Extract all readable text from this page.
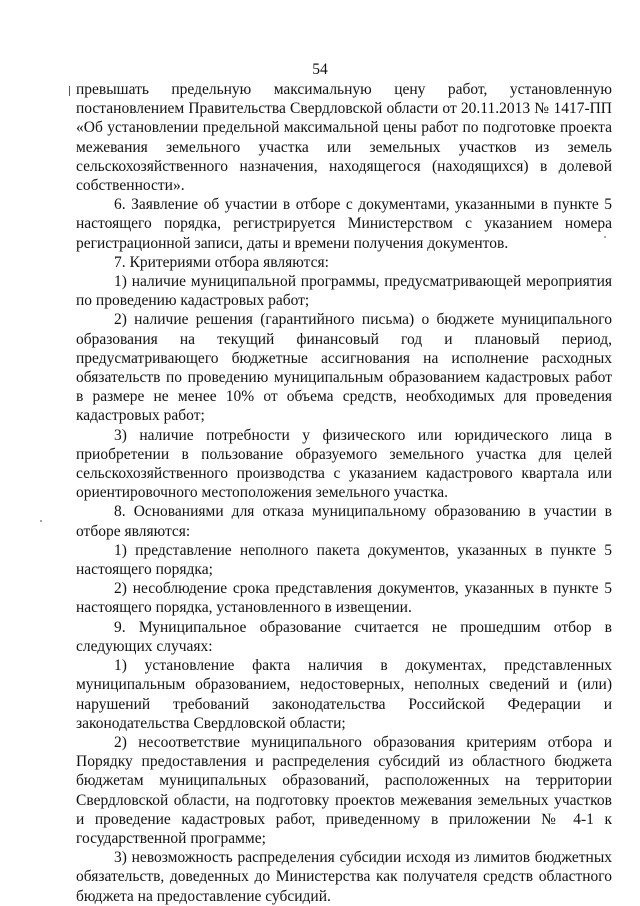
54

превышать предельную максимальную цену работ, установленную постановлением Правительства Свердловской области от 20.11.2013 № 1417-ПП «Об установлении предельной максимальной цены работ по подготовке проекта межевания земельного участка или земельных участков из земель сельскохозяйственного назначения, находящегося (находящихся) в долевой собственности».

6. Заявление об участии в отборе с документами, указанными в пункте 5 настоящего порядка, регистрируется Министерством с указанием номера регистрационной записи, даты и времени получения документов.

7. Критериями отбора являются:

1) наличие муниципальной программы, предусматривающей мероприятия по проведению кадастровых работ;

2) наличие решения (гарантийного письма) о бюджете муниципального образования на текущий финансовый год и плановый период, предусматривающего бюджетные ассигнования на исполнение расходных обязательств по проведению муниципальным образованием кадастровых работ в размере не менее 10% от объема средств, необходимых для проведения кадастровых работ;

3) наличие потребности у физического или юридического лица в приобретении в пользование образуемого земельного участка для целей сельскохозяйственного производства с указанием кадастрового квартала или ориентировочного местоположения земельного участка.

8. Основаниями для отказа муниципальному образованию в участии в отборе являются:

1) представление неполного пакета документов, указанных в пункте 5 настоящего порядка;

2) несоблюдение срока представления документов, указанных в пункте 5 настоящего порядка, установленного в извещении.

9. Муниципальное образование считается не прошедшим отбор в следующих случаях:

1) установление факта наличия в документах, представленных муниципальным образованием, недостоверных, неполных сведений и (или) нарушений требований законодательства Российской Федерации и законодательства Свердловской области;

2) несоответствие муниципального образования критериям отбора и Порядку предоставления и распределения субсидий из областного бюджета бюджетам муниципальных образований, расположенных на территории Свердловской области, на подготовку проектов межевания земельных участков и проведение кадастровых работ, приведенному в приложении № 4-1 к государственной программе;

3) невозможность распределения субсидии исходя из лимитов бюджетных обязательств, доведенных до Министерства как получателя средств областного бюджета на предоставление субсидий.
